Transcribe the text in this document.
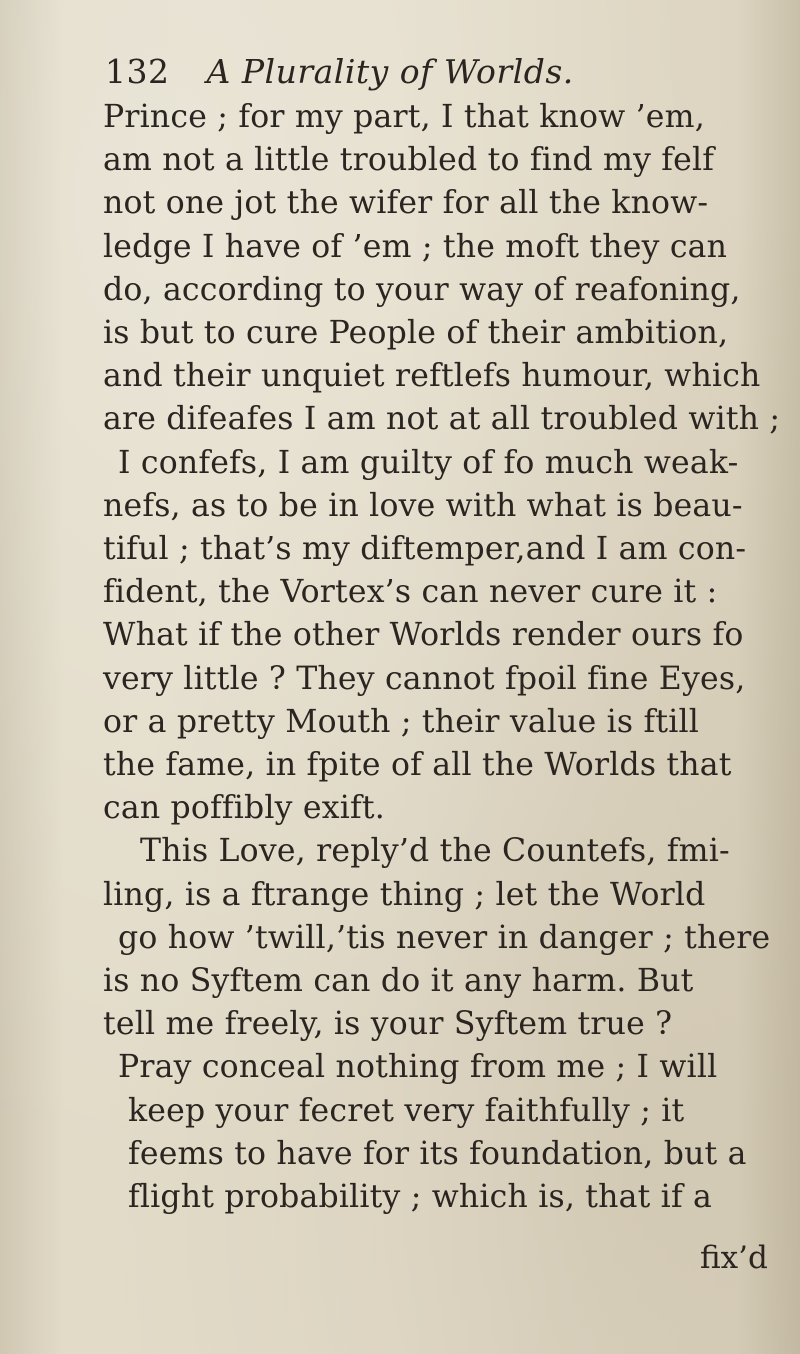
132 A Plurality of Worlds.
Prince ; for my part, I that know ’em,
am not a little troubled to find my felf
not one jot the wifer for all the know-
ledge I have of ’em ; the moft they can
do, according to your way of reafoning,
is but to cure People of their ambition,
and their unquiet reftlefs humour, which
are difeafes I am not at all troubled with ;
I confefs, I am guilty of fo much weak-
nefs, as to be in love with what is beau-
tiful ; that’s my diftemper,and I am con-
fident, the Vortex’s can never cure it :
What if the other Worlds render ours fo
very little ? They cannot fpoil fine Eyes,
or a pretty Mouth ; their value is ftill
the fame, in fpite of all the Worlds that
can poffibly exift.
This Love, reply’d the Countefs, fmi-
ling, is a ftrange thing ; let the World
go how ’twill,’tis never in danger ; there
is no Syftem can do it any harm. But
tell me freely, is your Syftem true ?
Pray conceal nothing from me ; I will
keep your fecret very faithfully ; it
feems to have for its foundation, but a
flight probability ; which is, that if a
fix’d
